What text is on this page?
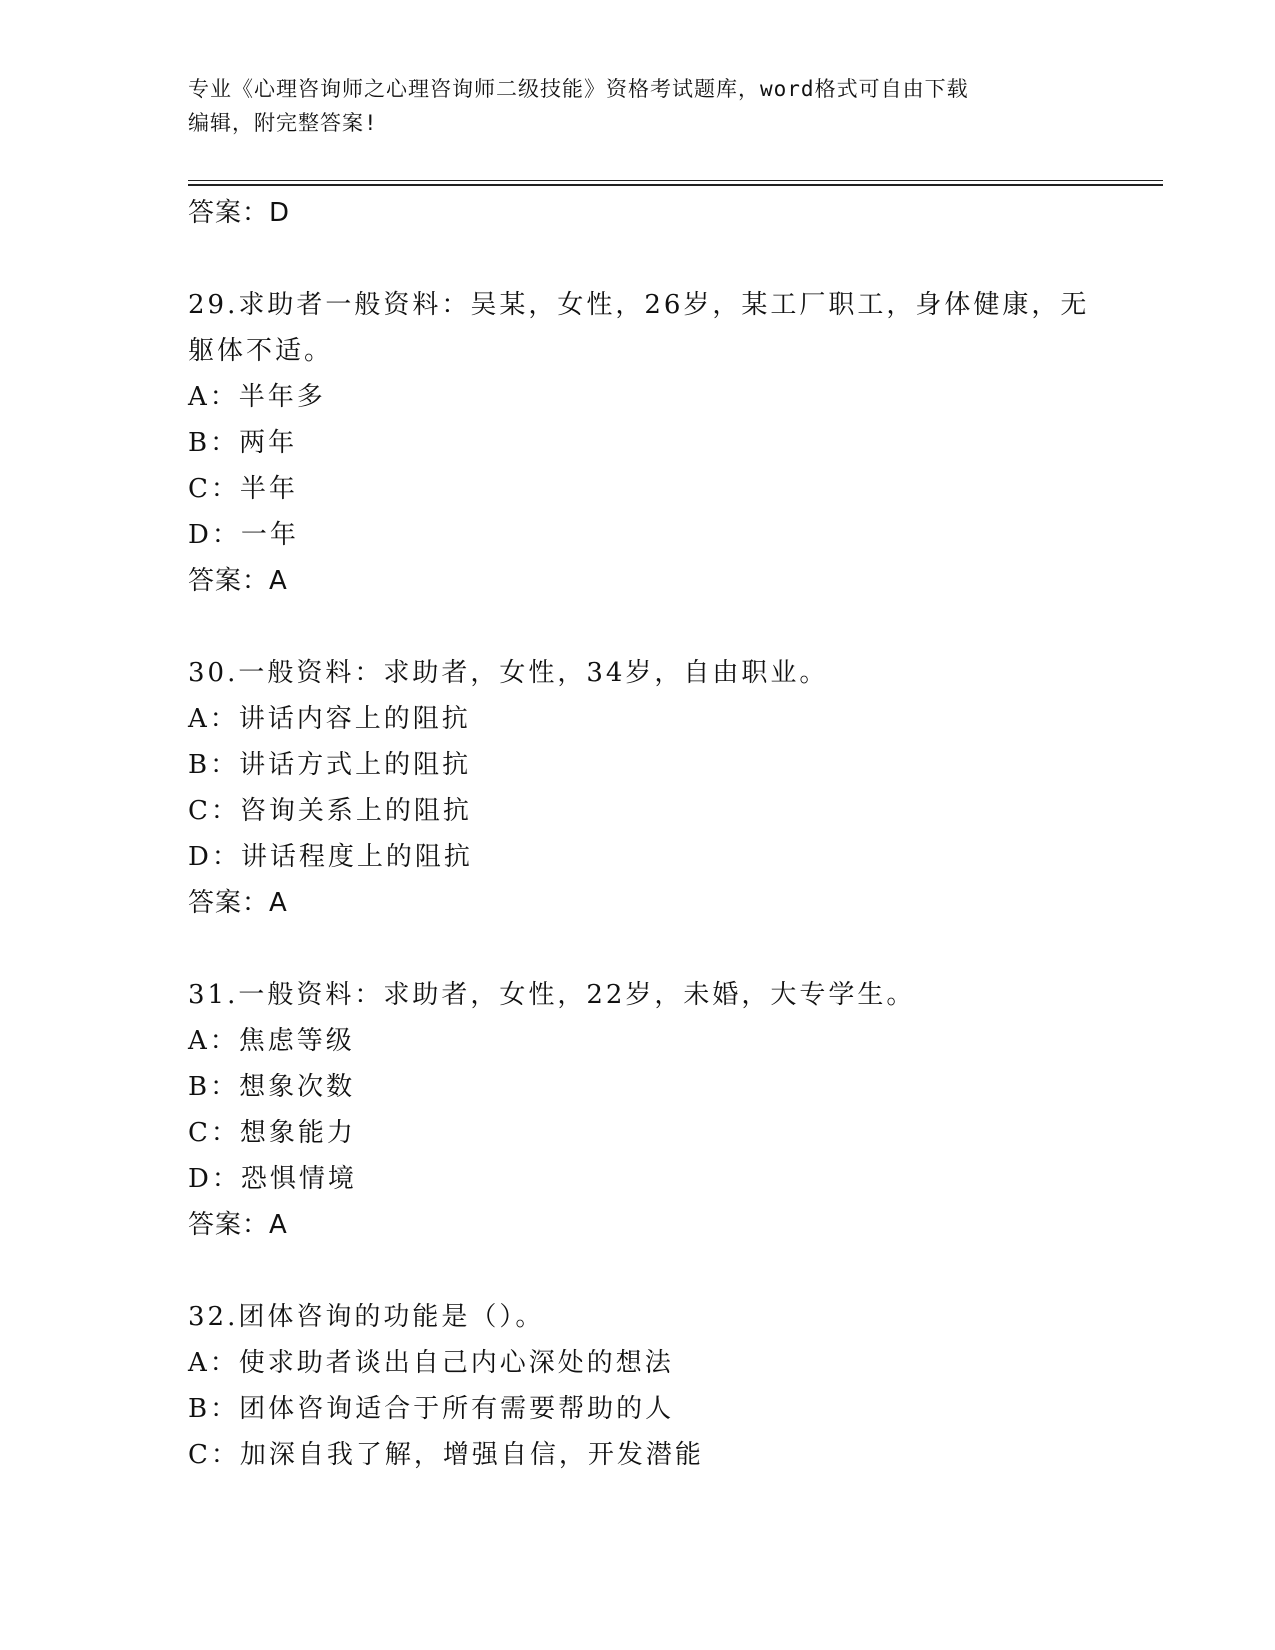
专业《心理咨询师之心理咨询师二级技能》资格考试题库，word格式可自由下载
编辑，附完整答案!
答案：D
29.求助者一般资料：吴某，女性，26岁，某工厂职工，身体健康，无
躯体不适。
A：半年多
B：两年
C：半年
D：一年
答案：A
30.一般资料：求助者，女性，34岁，自由职业。
A：讲话内容上的阻抗
B：讲话方式上的阻抗
C：咨询关系上的阻抗
D：讲话程度上的阻抗
答案：A
31.一般资料：求助者，女性，22岁，未婚，大专学生。
A：焦虑等级
B：想象次数
C：想象能力
D：恐惧情境
答案：A
32.团体咨询的功能是（）。
A：使求助者谈出自己内心深处的想法
B：团体咨询适合于所有需要帮助的人
C：加深自我了解，增强自信，开发潜能
